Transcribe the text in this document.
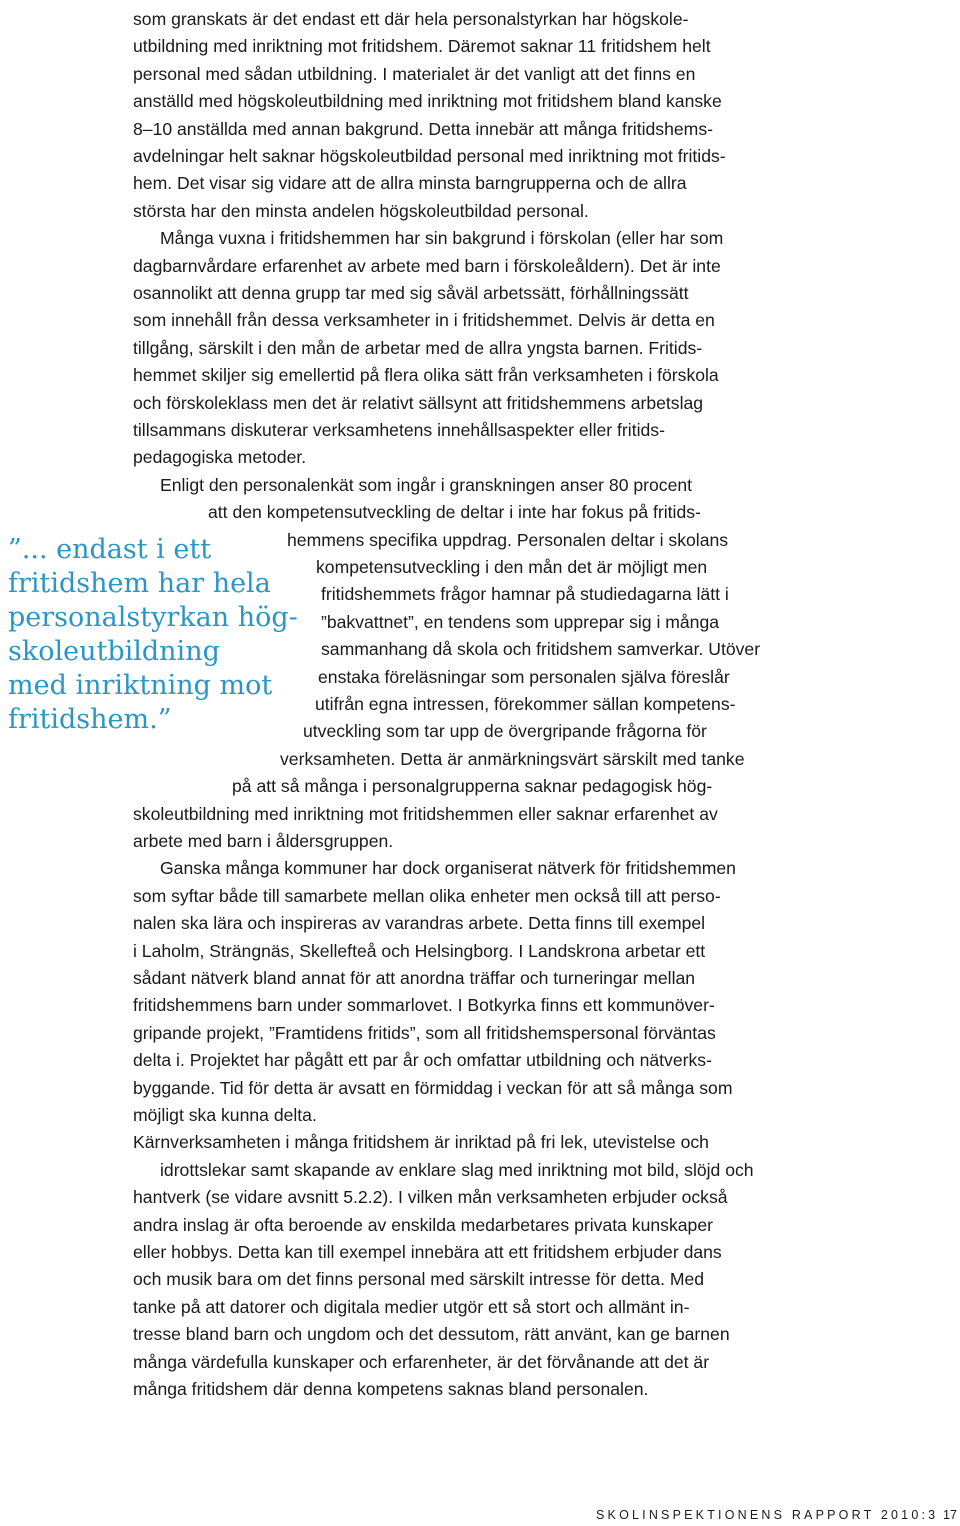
som granskats är det endast ett där hela personalstyrkan har högskole-
utbildning med inriktning mot fritidshem. Däremot saknar 11 fritidshem helt
personal med sådan utbildning. I materialet är det vanligt att det finns en
anställd med högskoleutbildning med inriktning mot fritidshem bland kanske
8–10 anställda med annan bakgrund. Detta innebär att många fritidshems-
avdelningar helt saknar högskoleutbildad personal med inriktning mot fritids-
hem. Det visar sig vidare att de allra minsta barngrupperna och de allra
största har den minsta andelen högskoleutbildad personal.
Många vuxna i fritidshemmen har sin bakgrund i förskolan (eller har som
dagbarnvårdare erfarenhet av arbete med barn i förskoleåldern). Det är inte
osannolikt att denna grupp tar med sig såväl arbetssätt, förhållningssätt
som innehåll från dessa verksamheter in i fritidshemmet. Delvis är detta en
tillgång, särskilt i den mån de arbetar med de allra yngsta barnen. Fritids-
hemmet skiljer sig emellertid på flera olika sätt från verksamheten i förskola
och förskoleklass men det är relativt sällsynt att fritidshemmens arbetslag
tillsammans diskuterar verksamhetens innehållsaspekter eller fritids-
pedagogiska metoder.
Enligt den personalenkät som ingår i granskningen anser 80 procent
att den kompetensutveckling de deltar i inte har fokus på fritids-
hemmens specifika uppdrag. Personalen deltar i skolans
kompetensutveckling i den mån det är möjligt men
fritidshemmets frågor hamnar på studiedagarna lätt i
”bakvattnet”, en tendens som upprepar sig i många
sammanhang då skola och fritidshem samverkar. Utöver
enstaka föreläsningar som personalen själva föreslår
utifrån egna intressen, förekommer sällan kompetens-
utveckling som tar upp de övergripande frågorna för
verksamheten. Detta är anmärkningsvärt särskilt med tanke
på att så många i personalgrupperna saknar pedagogisk hög-
skoleutbildning med inriktning mot fritidshemmen eller saknar erfarenhet av
arbete med barn i åldersgruppen.
Ganska många kommuner har dock organiserat nätverk för fritidshemmen
som syftar både till samarbete mellan olika enheter men också till att perso-
nalen ska lära och inspireras av varandras arbete. Detta finns till exempel
i Laholm, Strängnäs, Skellefteå och Helsingborg. I Landskrona arbetar ett
sådant nätverk bland annat för att anordna träffar och turneringar mellan
fritidshemmens barn under sommarlovet. I Botkyrka finns ett kommunöver-
gripande projekt, ”Framtidens fritids”, som all fritidshemspersonal förväntas
delta i. Projektet har pågått ett par år och omfattar utbildning och nätverks-
byggande. Tid för detta är avsatt en förmiddag i veckan för att så många som
möjligt ska kunna delta.
Kärnverksamheten i många fritidshem är inriktad på fri lek, utevistelse och
idrottslekar samt skapande av enklare slag med inriktning mot bild, slöjd och
hantverk (se vidare avsnitt 5.2.2). I vilken mån verksamheten erbjuder också
andra inslag är ofta beroende av enskilda medarbetares privata kunskaper
eller hobbys. Detta kan till exempel innebära att ett fritidshem erbjuder dans
och musik bara om det finns personal med särskilt intresse för detta. Med
tanke på att datorer och digitala medier utgör ett så stort och allmänt in-
tresse bland barn och ungdom och det dessutom, rätt använt, kan ge barnen
många värdefulla kunskaper och erfarenheter, är det förvånande att det är
många fritidshem där denna kompetens saknas bland personalen.
”... endast i ett
fritidshem har hela
personalstyrkan hög-
skoleutbildning
med inriktning mot
fritidshem.”
SKOLINSPEKTIONENS RAPPORT 2010:3 17
